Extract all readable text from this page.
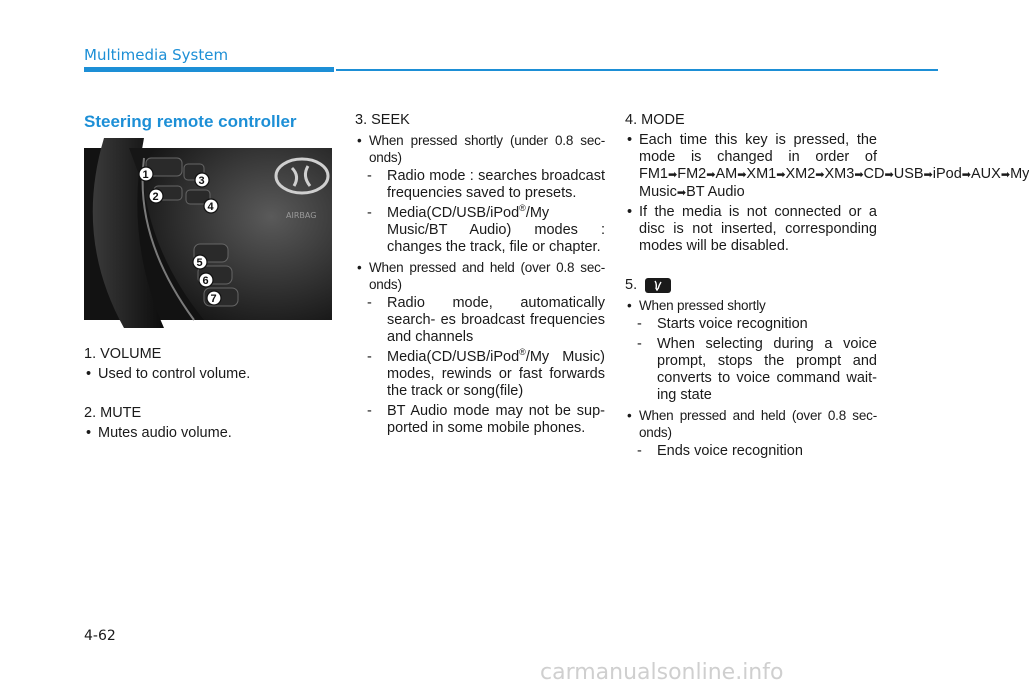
Multimedia System
Steering remote controller
AIRBAG
1
2
3
4
5
6
7
1. VOLUME
• Used to control volume.
2. MUTE
• Mutes audio volume.
3. SEEK
• When pressed shortly (under 0.8 sec- onds)
- Radio mode : searches broadcast frequencies saved to presets.
- Media(CD/USB/iPod®/My Music/BT Audio) modes : changes the track, file or chapter.
• When pressed and held (over 0.8 sec- onds)
- Radio mode, automatically search- es broadcast frequencies and channels
- Media(CD/USB/iPod®/My Music) modes, rewinds or fast forwards the track or song(file)
- BT Audio mode may not be sup- ported in some mobile phones.
4. MODE
• Each time this key is pressed, the mode is changed in order of FM1➡FM2➡AM➡XM1➡XM2➡XM3➡CD➡USB➡iPod➡AUX➡My Music➡BT Audio
• If the media is not connected or a disc is not inserted, corresponding modes will be disabled.
5.
• When pressed shortly
- Starts voice recognition
- When selecting during a voice prompt, stops the prompt and converts to voice command wait- ing state
• When pressed and held (over 0.8 sec- onds)
- Ends voice recognition
4-62
carmanualsonline.info
